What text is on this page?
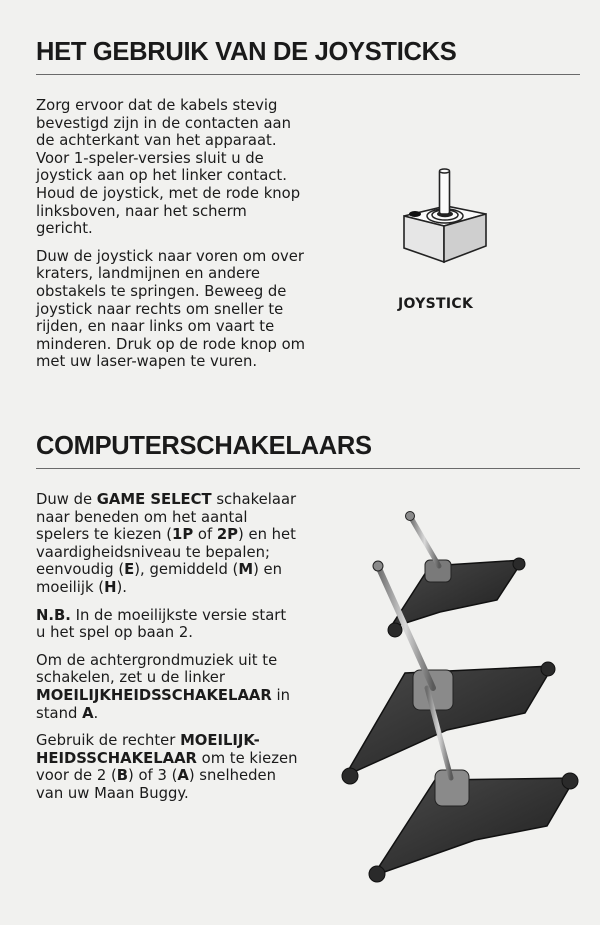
HET GEBRUIK VAN DE JOYSTICKS

Zorg ervoor dat de kabels stevig bevestigd zijn in de contacten aan de achterkant van het apparaat. Voor 1-speler-versies sluit u de joystick aan op het linker contact. Houd de joystick, met de rode knop linksboven, naar het scherm gericht.

Duw de joystick naar voren om over kraters, landmijnen en andere obstakels te springen. Beweeg de joystick naar rechts om sneller te rijden, en naar links om vaart te minderen. Druk op de rode knop om met uw laser-wapen te vuren.

JOYSTICK
COMPUTERSCHAKELAARS

Duw de GAME SELECT schakelaar naar beneden om het aantal spelers te kiezen (1P of 2P) en het vaardigheidsniveau te bepalen; eenvoudig (E), gemiddeld (M) en moeilijk (H).

N.B. In de moeilijkste versie start u het spel op baan 2.

Om de achtergrondmuziek uit te schakelen, zet u de linker MOEILIJKHEIDSSCHAKELAAR in stand A.

Gebruik de rechter MOEILIJK-HEIDSSCHAKELAAR om te kiezen voor de 2 (B) of 3 (A) snelheden van uw Maan Buggy.
